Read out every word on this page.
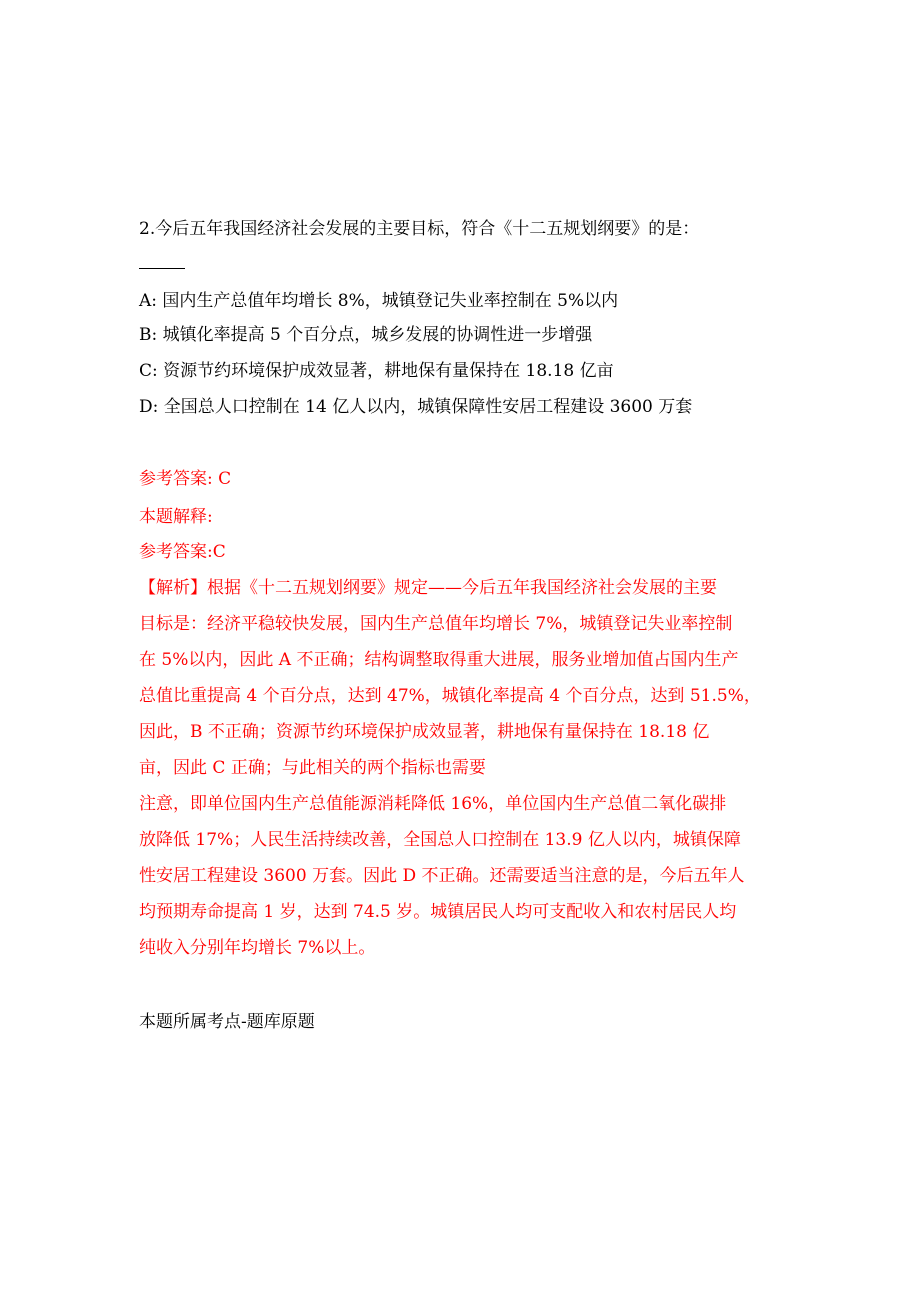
2.今后五年我国经济社会发展的主要目标，符合《十二五规划纲要》的是：
A: 国内生产总值年均增长 8%，城镇登记失业率控制在 5%以内
B: 城镇化率提高 5 个百分点，城乡发展的协调性进一步增强
C: 资源节约环境保护成效显著，耕地保有量保持在 18.18 亿亩
D: 全国总人口控制在 14 亿人以内，城镇保障性安居工程建设 3600 万套
参考答案: C
本题解释:
参考答案:C
【解析】根据《十二五规划纲要》规定——今后五年我国经济社会发展的主要
目标是：经济平稳较快发展，国内生产总值年均增长 7%，城镇登记失业率控制
在 5%以内，因此 A 不正确；结构调整取得重大进展，服务业增加值占国内生产
总值比重提高 4 个百分点，达到 47%，城镇化率提高 4 个百分点，达到 51.5%，
因此，B 不正确；资源节约环境保护成效显著，耕地保有量保持在 18.18 亿
亩，因此 C 正确；与此相关的两个指标也需要
注意，即单位国内生产总值能源消耗降低 16%，单位国内生产总值二氧化碳排
放降低 17%；人民生活持续改善，全国总人口控制在 13.9 亿人以内，城镇保障
性安居工程建设 3600 万套。因此 D 不正确。还需要适当注意的是，今后五年人
均预期寿命提高 1 岁，达到 74.5 岁。城镇居民人均可支配收入和农村居民人均
纯收入分别年均增长 7%以上。
本题所属考点-题库原题
